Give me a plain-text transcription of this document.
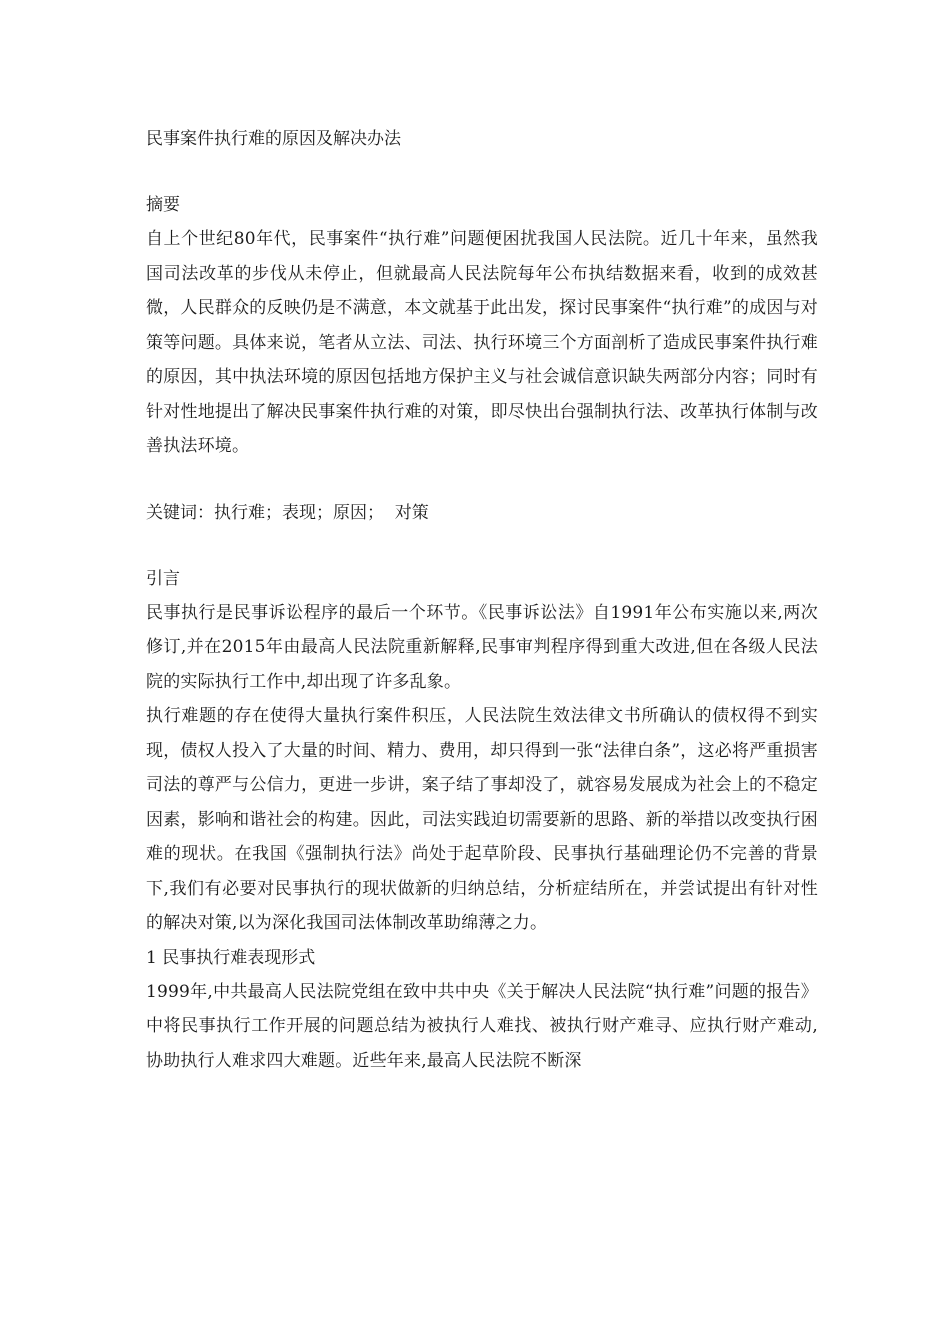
民事案件执行难的原因及解决办法

摘要

自上个世纪80年代，民事案件“执行难”问题便困扰我国人民法院。近几十年来，虽然我国司法改革的步伐从未停止，但就最高人民法院每年公布执结数据来看，收到的成效甚微，人民群众的反映仍是不满意，本文就基于此出发，探讨民事案件“执行难”的成因与对策等问题。具体来说，笔者从立法、司法、执行环境三个方面剖析了造成民事案件执行难的原因，其中执法环境的原因包括地方保护主义与社会诚信意识缺失两部分内容；同时有针对性地提出了解决民事案件执行难的对策，即尽快出台强制执行法、改革执行体制与改善执法环境。

关键词：执行难；表现；原因；  对策

引言

民事执行是民事诉讼程序的最后一个环节。《民事诉讼法》自1991年公布实施以来,两次修订,并在2015年由最高人民法院重新解释,民事审判程序得到重大改进,但在各级人民法院的实际执行工作中,却出现了许多乱象。

执行难题的存在使得大量执行案件积压，人民法院生效法律文书所确认的债权得不到实现，债权人投入了大量的时间、精力、费用，却只得到一张“法律白条”，这必将严重损害司法的尊严与公信力，更进一步讲，案子结了事却没了，就容易发展成为社会上的不稳定因素，影响和谐社会的构建。因此，司法实践迫切需要新的思路、新的举措以改变执行困难的现状。在我国《强制执行法》尚处于起草阶段、民事执行基础理论仍不完善的背景下,我们有必要对民事执行的现状做新的归纳总结，分析症结所在，并尝试提出有针对性的解决对策,以为深化我国司法体制改革助绵薄之力。

1 民事执行难表现形式

1999年,中共最高人民法院党组在致中共中央《关于解决人民法院“执行难”问题的报告》中将民事执行工作开展的问题总结为被执行人难找、被执行财产难寻、应执行财产难动,协助执行人难求四大难题。近些年来,最高人民法院不断深
